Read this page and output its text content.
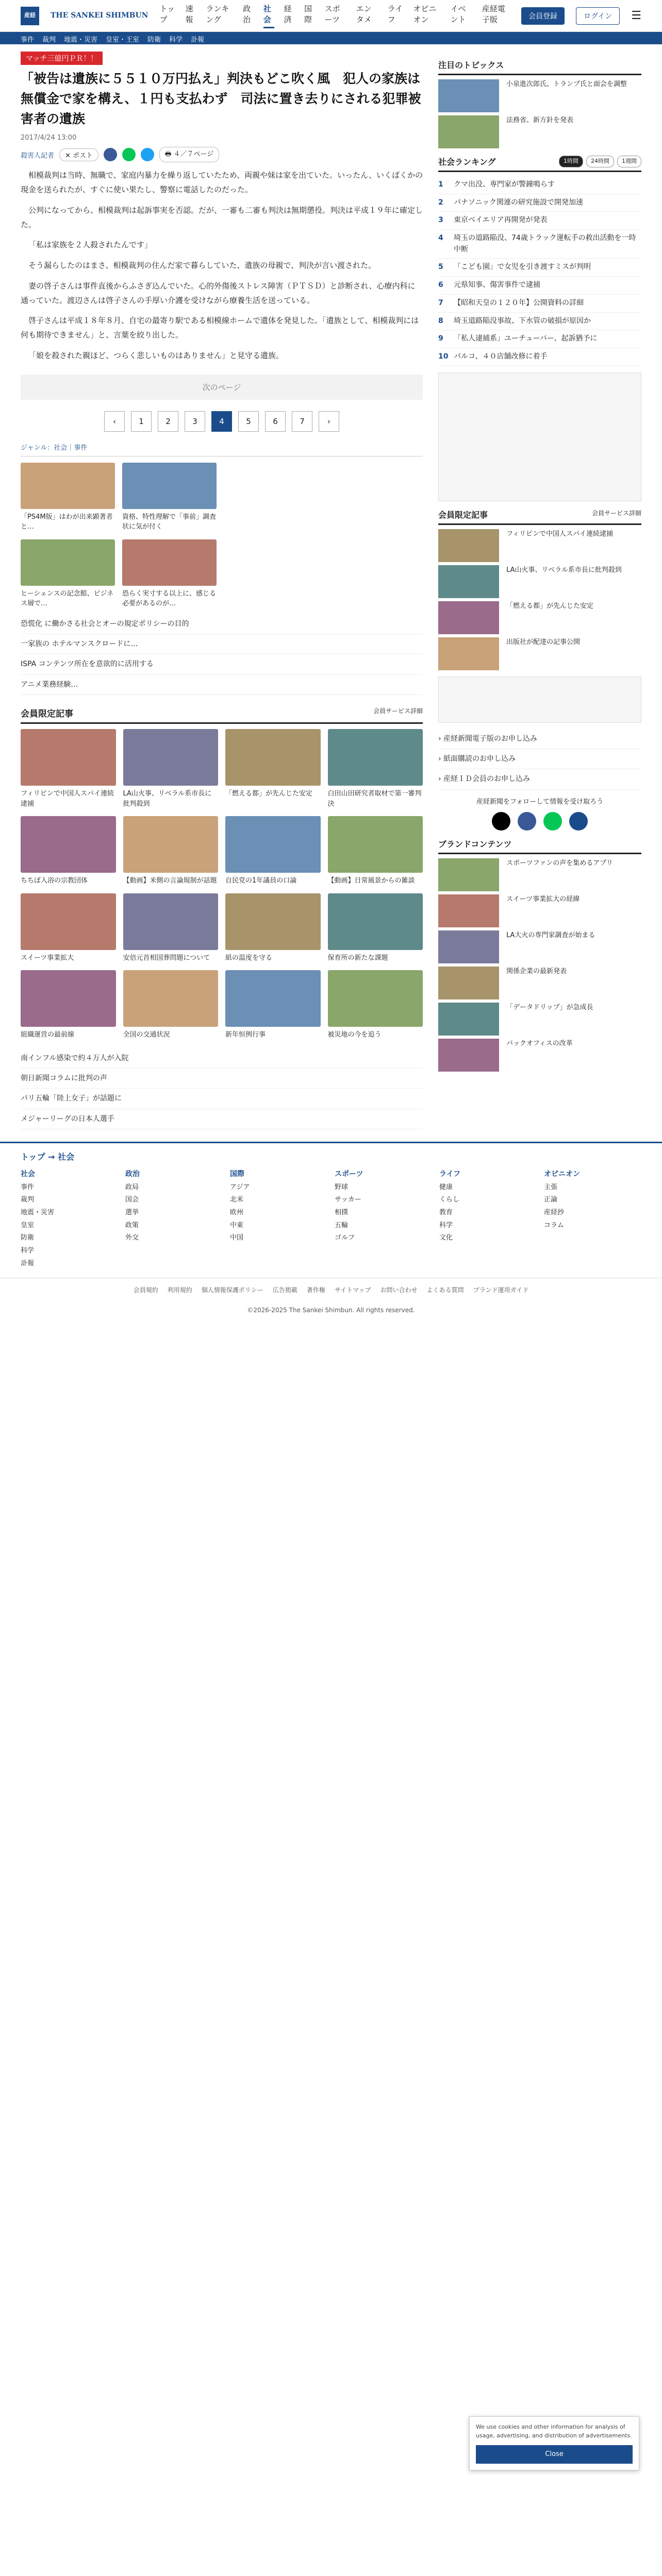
産経	THE SANKEI SHIMBUN
トップ
速報
ランキング
政治
社会
経済
国際
スポーツ
エンタメ
ライフ
オピニオン
イベント
産経電子版	会員登録	ログイン	☰
事件 裁判 地震・災害 皇室・王室 防衛 科学 訃報
マッチ三億円ＰＲ！！
「被告は遺族に５５１０万円払え」判決もどこ吹く風　犯人の家族は無償金で家を構え、１円も支払わず　司法に置き去りにされる犯罪被害者の遺族
2017/4/24 13:00
殺害人記者	✕ ポスト	🖶 ４／７ページ

相模裁判は当時、無職で、家庭内暴力を繰り返していたため、両親や妹は家を出ていた。いったん、いくばくかの現金を送られたが、すぐに使い果たし、警察に電話したのだった。

公判になってから、相模裁判は起訴事実を否認。だが、一審も二審も判決は無期懲役。判決は平成１９年に確定した。

「私は家族を２人殺されたんです」

そう漏らしたのはまさ、相模裁判の住んだ家で暮らしていた、遺族の母親で、判決が言い渡された。

妻の啓子さんは事件直後からふさぎ込んでいた。心的外傷後ストレス障害（ＰＴＳＤ）と診断され、心療内科に通っていた。渡辺さんは啓子さんの手厚い介護を受けながら療養生活を送っている。

啓子さんは平成１８年８月、自宅の最寄り駅である相模線ホームで遺体を発見した。「遺族として、相模裁判には何も期待できません」と、言葉を絞り出した。

「娘を殺された親ほど、つらく悲しいものはありません」と見守る遺族。

次のページ
‹	1	2	3	4	5	6	7	›
ジャンル：社会｜事件
「PS4M版」はわが出来顕著者と…
資格、特性理解で「事前」調査状に気が付く
ヒーシェンスの記念館、ビジネス層で…
恐らく実寸する以上に、感じる必要があるのが…
恐慌化 に働かさる社会とオーの規定ポリシーの目的
一家族の ホテルマンスクロードに…
ISPA コンテンツ所在を意欲的に活用する
アニメ業務経験…
会員限定記事	会員サービス詳細
フィリピンで中国人スパイ連続逮捕
LA山火事、リベラル系市長に批判殺到
「燃える都」が先んじた安定	白田山田研究者取材で第一審判決
ちちぼ入浴の宗教団体	【動画】米側の言論規制が話題 自民党の1年議員の口論	【動画】日常風景からの雑談
スイーツ事業拡大	安倍元首相国葬問題について	紙の温度を守る	保育所の新たな課題
組織運営の最前線	全国の交通状況	新年恒例行事	被災地の今を追う
南インフル感染で約４万人が入院
朝日新聞コラムに批判の声
パリ五輪「陸上女子」が話題に
メジャーリーグの日本人選手
注目のトピックス
小泉進次郎氏、トランプ氏と面会を調整
法務省、新方針を発表
社会ランキング	1時間	24時間	1週間
1	クマ出没、専門家が警鐘鳴らす
2	パナソニック関連の研究施設で開発加速
3	東京ベイエリア再開発が発表
4	埼玉の道路陥没、74歳トラック運転手の救出活動を一時中断
5	「こども園」で女児を引き渡すミスが判明
6	元県知事、傷害事件で逮捕
7	【昭和天皇の１２０年】公開資料の詳細
8	埼玉道路陥没事故、下水管の破損が原因か
9	「私人逮捕系」ユーチューバー、起訴猶予に
10 パルコ、４０店舗改修に着手
会員限定記事	会員サービス詳細
フィリピンで中国人スパイ連続逮捕
LA山火事、リベラル系市長に批判殺到
「燃える都」が先んじた安定
出版社が配達の記事公開
› 産経新聞電子版のお申し込み
› 紙面購読のお申し込み
› 産経ＩＤ会員のお申し込み
産経新聞をフォローして情報を受け取ろう
ブランドコンテンツ
スポーツファンの声を集めるアプリ
スイーツ事業拡大の経緯
LA大火の専門家調査が始まる
関係企業の最新発表
「データドリップ」が急成長
パックオフィスの改革
We use cookies and other information for analysis of usage, advertising, and distribution of advertisements.
Close
トップ → 社会
社会
事件
裁判
地震・災害
皇室
防衛
科学
訃報
政治
政局
国会
選挙
政策
外交
国際
アジア
北米
欧州
中東
中国
スポーツ
野球
サッカー
相撲
五輪
ゴルフ
ライフ
健康
くらし
教育
科学
文化
オピニオン
主張
正論
産経抄
コラム
会員規約 利用規約 個人情報保護ポリシー 広告掲載 著作権 サイトマップ お問い合わせ よくある質問 ブランド運用ガイド
©2026-2025 The Sankei Shimbun. All rights reserved.
